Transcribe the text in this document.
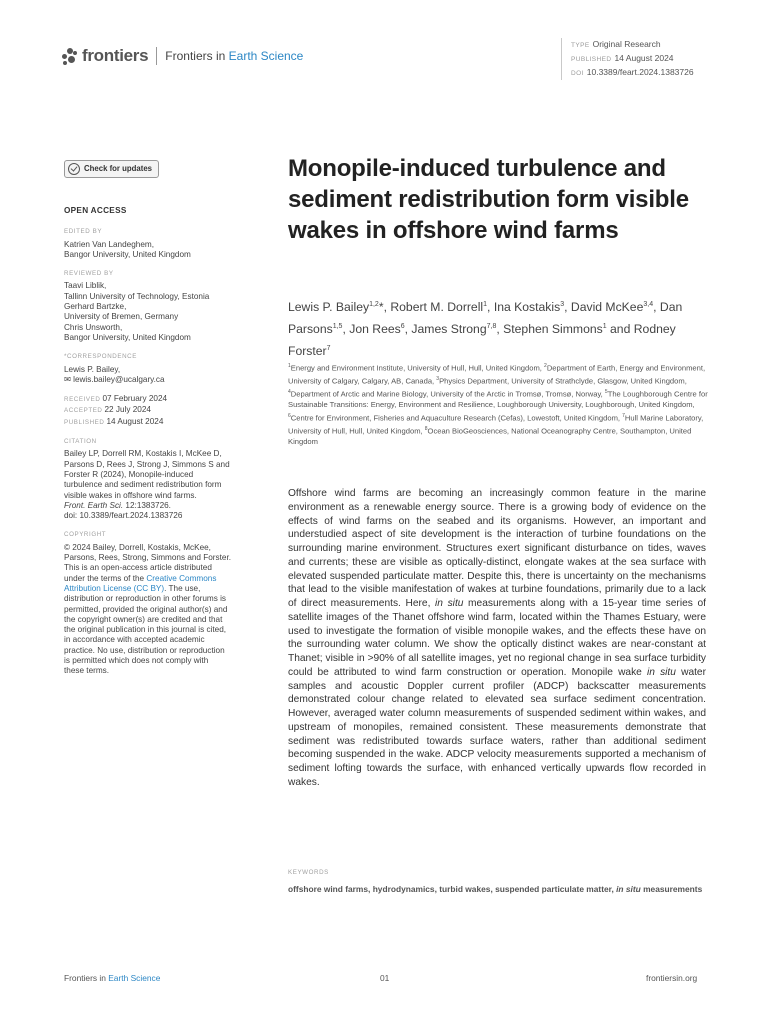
frontiers Frontiers in Earth Science
TYPE Original Research
PUBLISHED 14 August 2024
DOI 10.3389/feart.2024.1383726
Check for updates
OPEN ACCESS
EDITED BY
Katrien Van Landeghem,
Bangor University, United Kingdom
REVIEWED BY
Taavi Liblik,
Tallinn University of Technology, Estonia
Gerhard Bartzke,
University of Bremen, Germany
Chris Unsworth,
Bangor University, United Kingdom
*CORRESPONDENCE
Lewis P. Bailey,
✉ lewis.bailey@ucalgary.ca
RECEIVED 07 February 2024
ACCEPTED 22 July 2024
PUBLISHED 14 August 2024
CITATION
Bailey LP, Dorrell RM, Kostakis I, McKee D,
Parsons D, Rees J, Strong J, Simmons S and
Forster R (2024), Monopile-induced
turbulence and sediment redistribution form
visible wakes in offshore wind farms.
Front. Earth Sci. 12:1383726.
doi: 10.3389/feart.2024.1383726
COPYRIGHT
© 2024 Bailey, Dorrell, Kostakis, McKee,
Parsons, Rees, Strong, Simmons and Forster.
This is an open-access article distributed
under the terms of the Creative Commons
Attribution License (CC BY). The use,
distribution or reproduction in other forums is
permitted, provided the original author(s) and
the copyright owner(s) are credited and that
the original publication in this journal is cited,
in accordance with accepted academic
practice. No use, distribution or reproduction
is permitted which does not comply with
these terms.
Monopile-induced turbulence and sediment redistribution form visible wakes in offshore wind farms
Lewis P. Bailey$^{1,2}$*, Robert M. Dorrell$^1$, Ina Kostakis$^3$, David McKee$^{3,4}$, Dan Parsons$^{1,5}$, Jon Rees$^6$, James Strong$^{7,8}$, Stephen Simmons$^1$ and Rodney Forster$^7$
$^1$Energy and Environment Institute, University of Hull, Hull, United Kingdom, $^2$Department of Earth, Energy and Environment, University of Calgary, Calgary, AB, Canada, $^3$Physics Department, University of Strathclyde, Glasgow, United Kingdom, $^4$Department of Arctic and Marine Biology, University of the Arctic in Tromsø, Tromsø, Norway, $^5$The Loughborough Centre for Sustainable Transitions: Energy, Environment and Resilience, Loughborough University, Loughborough, United Kingdom, $^6$Centre for Environment, Fisheries and Aquaculture Research (Cefas), Lowestoft, United Kingdom, $^7$Hull Marine Laboratory, University of Hull, Hull, United Kingdom, $^8$Ocean BioGeosciences, National Oceanography Centre, Southampton, United Kingdom
Offshore wind farms are becoming an increasingly common feature in the marine environment as a renewable energy source. There is a growing body of evidence on the effects of wind farms on the seabed and its organisms. However, an important and understudied aspect of site development is the interaction of turbine foundations on the surrounding marine environment. Structures exert significant disturbance on tides, waves and currents; these are visible as optically-distinct, elongate wakes at the sea surface with elevated suspended particulate matter. Despite this, there is uncertainty on the mechanisms that lead to the visible manifestation of wakes at turbine foundations, primarily due to a lack of direct measurements. Here, in situ measurements along with a 15-year time series of satellite images of the Thanet offshore wind farm, located within the Thames Estuary, were used to investigate the formation of visible monopile wakes, and the effects these have on the surrounding water column. We show the optically distinct wakes are near-constant at Thanet; visible in >90% of all satellite images, yet no regional change in sea surface turbidity could be attributed to wind farm construction or operation. Monopile wake in situ water samples and acoustic Doppler current profiler (ADCP) backscatter measurements demonstrated colour change related to elevated sea surface sediment concentration. However, averaged water column measurements of suspended sediment within wakes, and upstream of monopiles, remained consistent. These measurements demonstrate that sediment was redistributed towards surface waters, rather than additional sediment becoming suspended in the wake. ADCP velocity measurements supported a mechanism of sediment lofting towards the surface, with enhanced vertically upwards flow recorded in wakes.
KEYWORDS
offshore wind farms, hydrodynamics, turbid wakes, suspended particulate matter, in situ measurements
Frontiers in Earth Science	01	frontiersin.org
